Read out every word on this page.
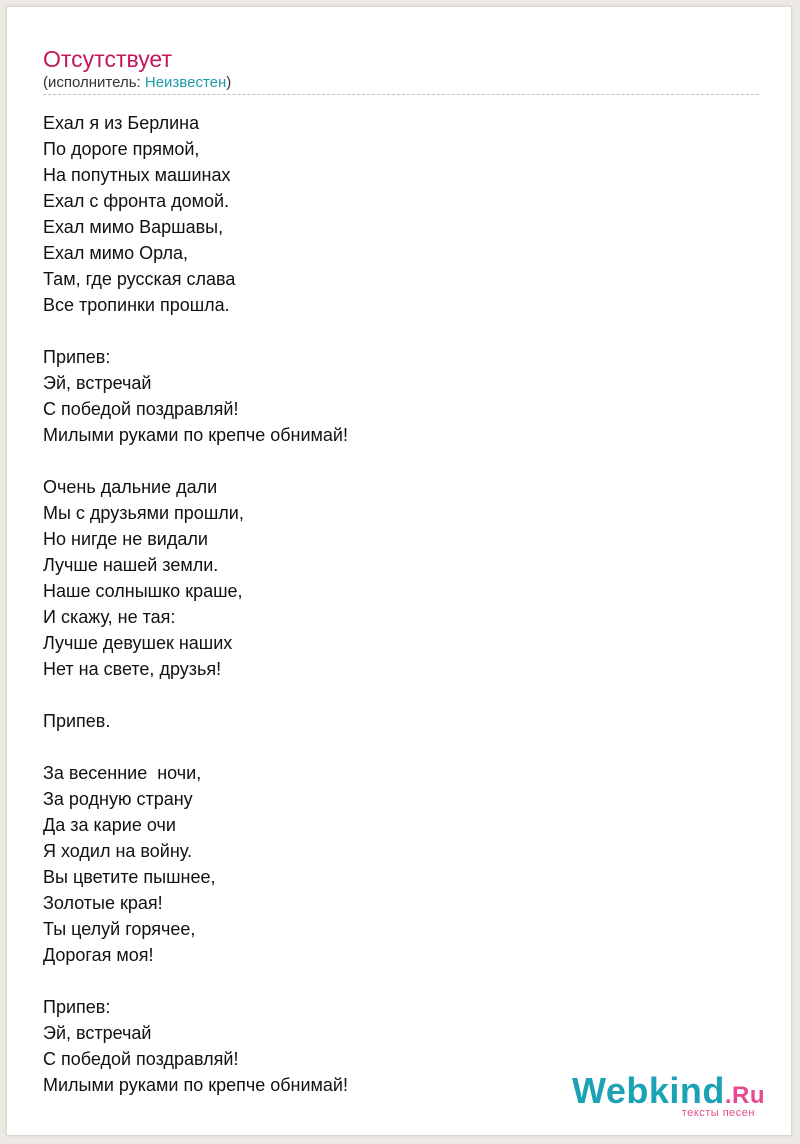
Отсутствует
(исполнитель: Неизвестен)
Ехал я из Берлина
По дороге прямой,
На попутных машинах
Ехал с фронта домой.
Ехал мимо Варшавы,
Ехал мимо Орла,
Там, где русская слава
Все тропинки прошла.
Припев:
Эй, встречай
С победой поздравляй!
Милыми руками по крепче обнимай!
Очень дальние дали
Мы с друзьями прошли,
Но нигде не видали
Лучше нашей земли.
Наше солнышко краше,
И скажу, не тая:
Лучше девушек наших
Нет на свете, друзья!
Припев.
За весенние  ночи,
За родную страну
Да за карие очи
Я ходил на войну.
Вы цветите пышнее,
Золотые края!
Ты целуй горячее,
Дорогая моя!
Припев:
Эй, встречай
С победой поздравляй!
Милыми руками по крепче обнимай!	Webkind.Ru
тексты песен
